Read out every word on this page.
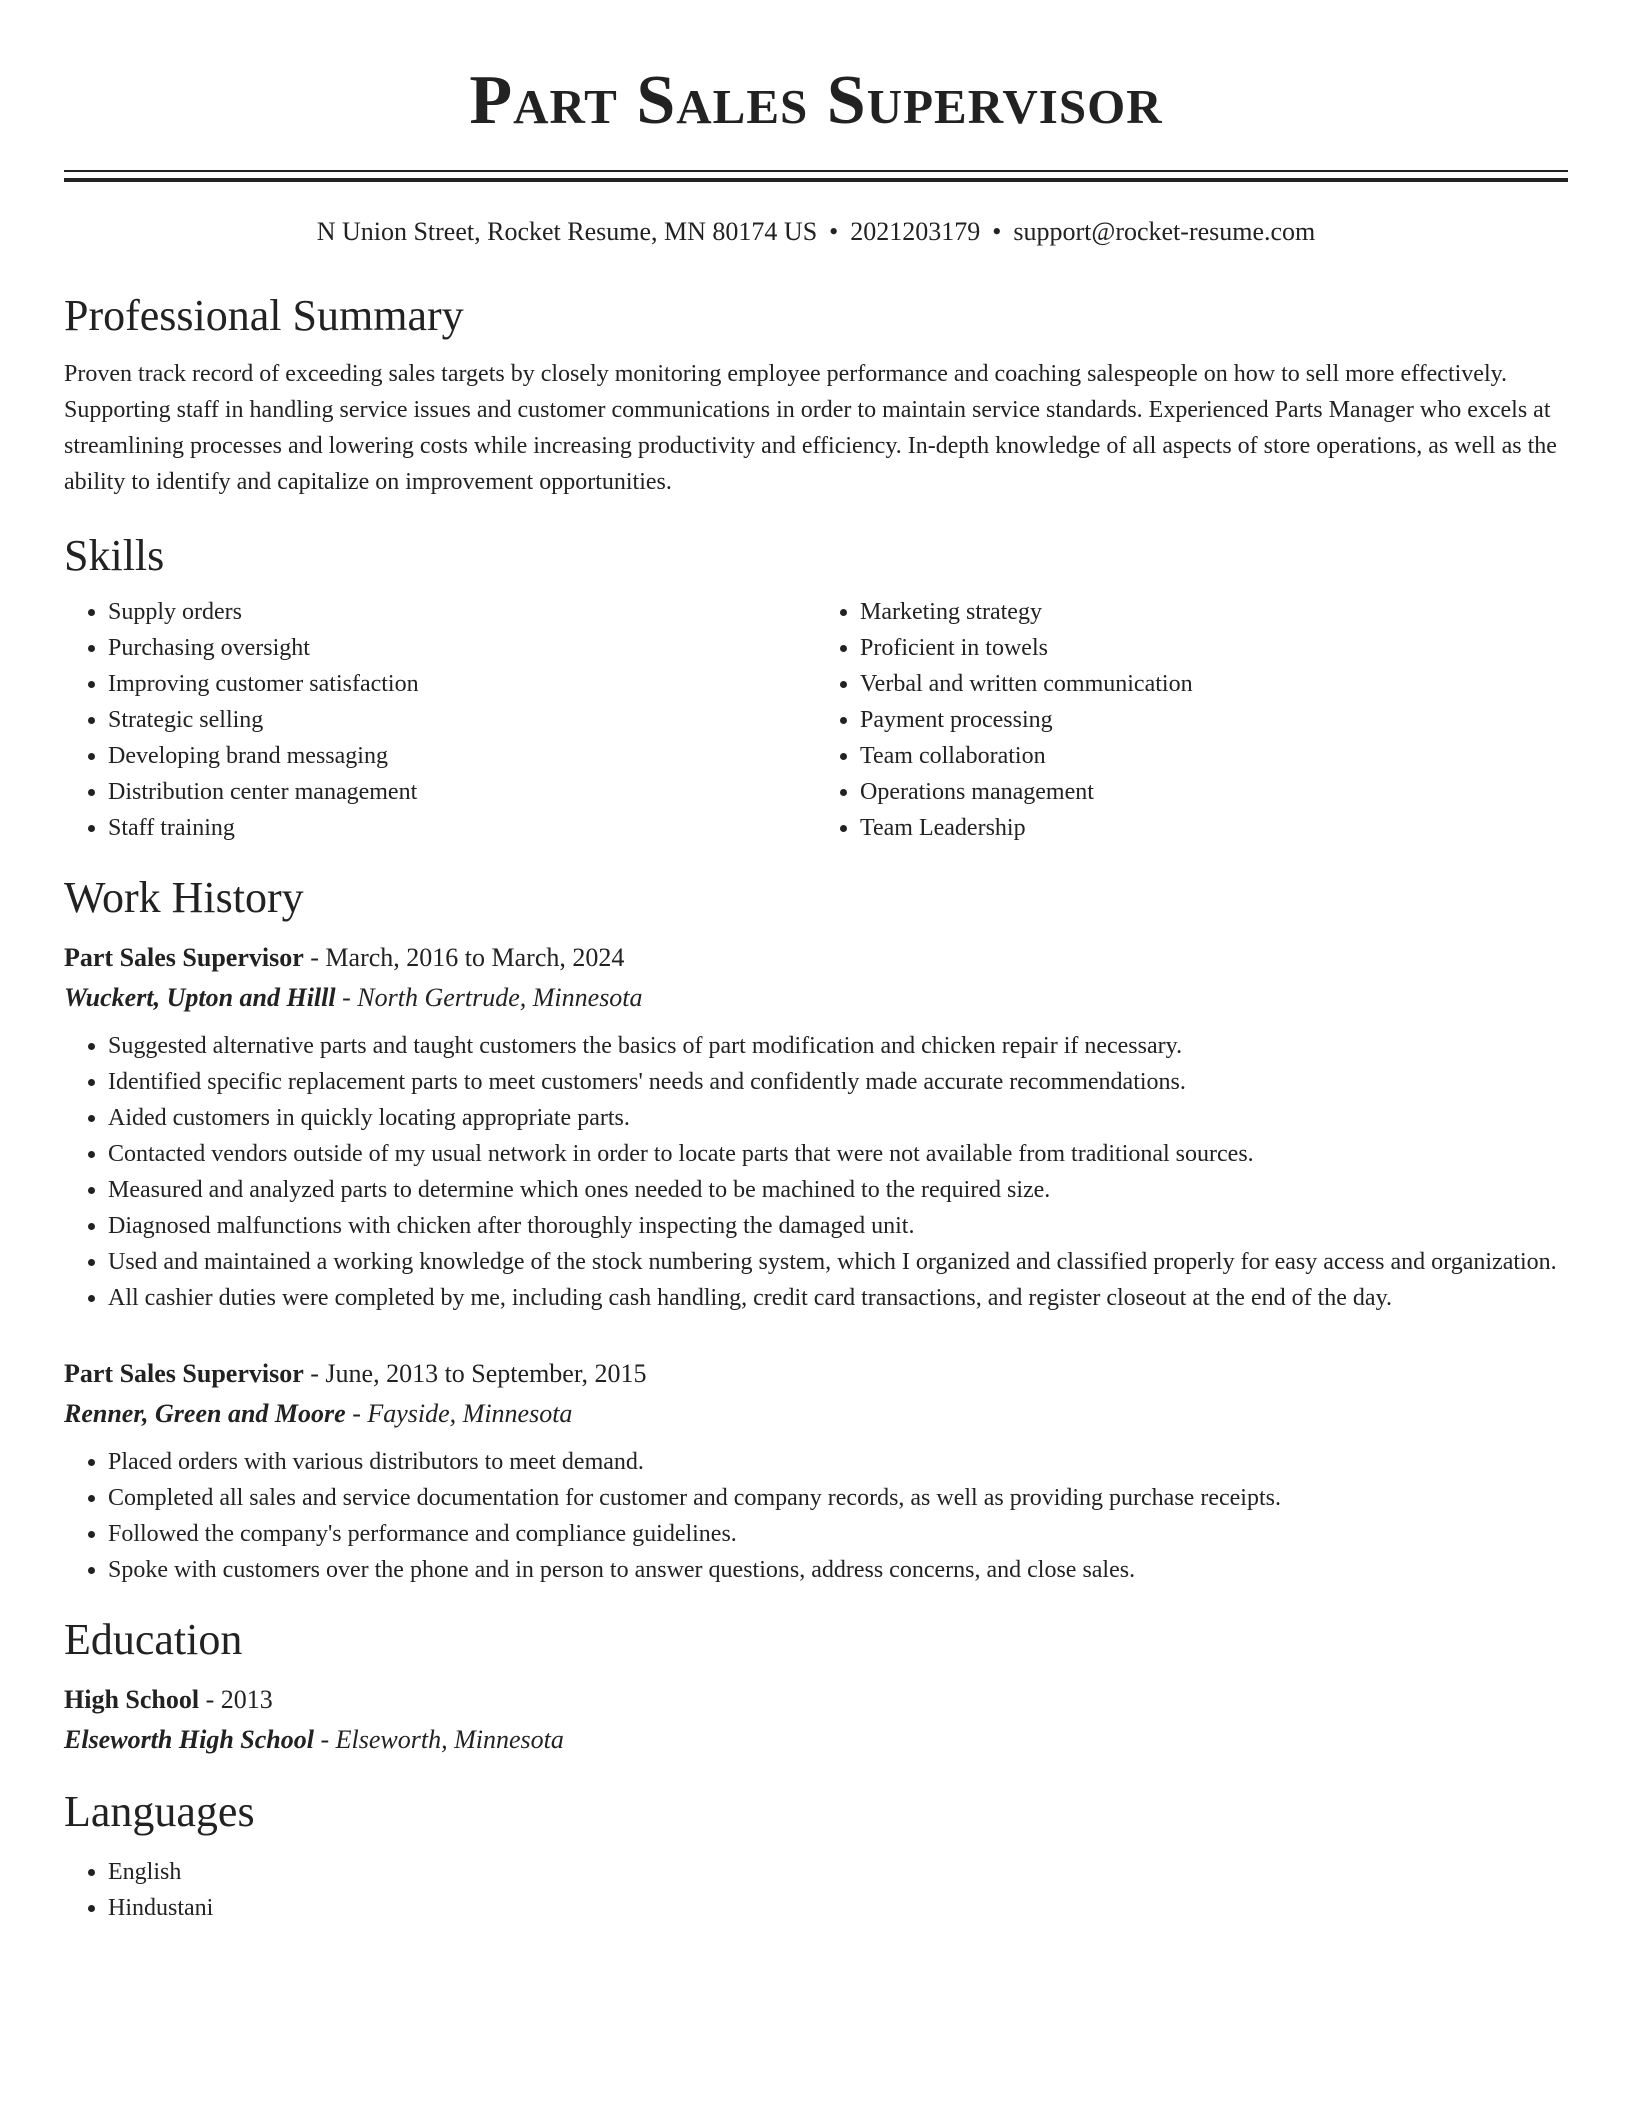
Part Sales Supervisor
N Union Street, Rocket Resume, MN 80174 US • 2021203179 • support@rocket-resume.com
Professional Summary

Proven track record of exceeding sales targets by closely monitoring employee performance and coaching salespeople on how to sell more effectively. Supporting staff in handling service issues and customer communications in order to maintain service standards. Experienced Parts Manager who excels at streamlining processes and lowering costs while increasing productivity and efficiency. In-depth knowledge of all aspects of store operations, as well as the ability to identify and capitalize on improvement opportunities.

Skills
• Supply orders
• Purchasing oversight
• Improving customer satisfaction
• Strategic selling
• Developing brand messaging
• Distribution center management
• Staff training
• Marketing strategy
• Proficient in towels
• Verbal and written communication
• Payment processing
• Team collaboration
• Operations management
• Team Leadership
Work History
Part Sales Supervisor - March, 2016 to March, 2024
Wuckert, Upton and Hilll - North Gertrude, Minnesota
• Suggested alternative parts and taught customers the basics of part modification and chicken repair if necessary.
• Identified specific replacement parts to meet customers' needs and confidently made accurate recommendations.
• Aided customers in quickly locating appropriate parts.
• Contacted vendors outside of my usual network in order to locate parts that were not available from traditional sources.
• Measured and analyzed parts to determine which ones needed to be machined to the required size.
• Diagnosed malfunctions with chicken after thoroughly inspecting the damaged unit.
• Used and maintained a working knowledge of the stock numbering system, which I organized and classified properly for easy access and organization.
• All cashier duties were completed by me, including cash handling, credit card transactions, and register closeout at the end of the day.
Part Sales Supervisor - June, 2013 to September, 2015
Renner, Green and Moore - Fayside, Minnesota
• Placed orders with various distributors to meet demand.
• Completed all sales and service documentation for customer and company records, as well as providing purchase receipts.
• Followed the company's performance and compliance guidelines.
• Spoke with customers over the phone and in person to answer questions, address concerns, and close sales.
Education
High School - 2013
Elseworth High School - Elseworth, Minnesota
Languages
• English
• Hindustani
